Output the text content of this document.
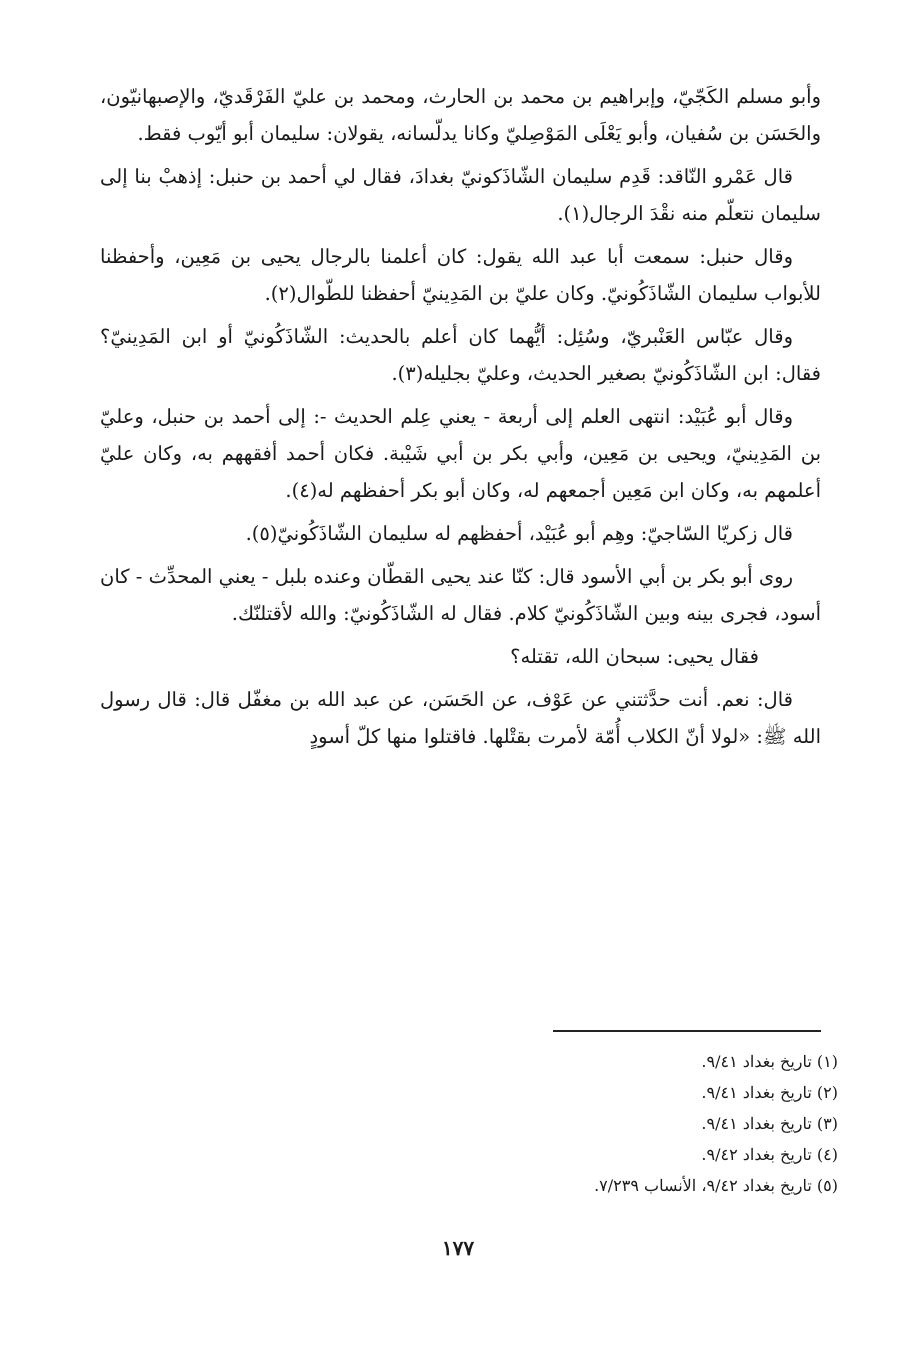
وأبو مسلم الكَجّيّ، وإبراهيم بن محمد بن الحارث، ومحمد بن عليّ الفَرْقَديّ، والإصبهانيّون، والحَسَن بن سُفيان، وأبو يَعْلَى المَوْصِليّ وكانا يدلّسانه، يقولان: سليمان أبو أيّوب فقط.

قال عَمْرو النّاقد: قَدِم سليمان الشّاذَكونيّ بغدادَ، فقال لي أحمد بن حنبل: إذهبْ بنا إلى سليمان نتعلّم منه نقْدَ الرجال(١).

وقال حنبل: سمعت أبا عبد الله يقول: كان أعلمنا بالرجال يحيى بن مَعِين، وأحفظنا للأبواب سليمان الشّاذَكُونيّ. وكان عليّ بن المَدِينيّ أحفظنا للطّوال(٢).

وقال عبّاس العَنْبريّ، وسُئِل: أيُّهما كان أعلم بالحديث: الشّاذَكُونيّ أو ابن المَدِينيّ؟ فقال: ابن الشّاذَكُونيّ بصغير الحديث، وعليّ بجليله(٣).

وقال أبو عُبَيْد: انتهى العلم إلى أربعة - يعني عِلم الحديث -: إلى أحمد بن حنبل، وعليّ بن المَدِينيّ، ويحيى بن مَعِين، وأبي بكر بن أبي شَيْبة. فكان أحمد أفقههم به، وكان عليّ أعلمهم به، وكان ابن مَعِين أجمعهم له، وكان أبو بكر أحفظهم له(٤).

قال زكريّا السّاجيّ: وهِم أبو عُبَيْد، أحفظهم له سليمان الشّاذَكُونيّ(٥).

روى أبو بكر بن أبي الأسود قال: كنّا عند يحيى القطّان وعنده بلبل - يعني المحدِّث - كان أسود، فجرى بينه وبين الشّاذَكُونيّ كلام. فقال له الشّاذَكُونيّ: والله لأقتلنّك.

فقال يحيى: سبحان الله، تقتله؟

قال: نعم. أنت حدَّثتني عن عَوْف، عن الحَسَن، عن عبد الله بن مغفّل قال: قال رسول الله ﷺ: «لولا أنّ الكلاب أُمّة لأمرت بقتْلها. فاقتلوا منها كلّ أسودٍ

(١) تاريخ بغداد ٩/٤١.

(٢) تاريخ بغداد ٩/٤١.

(٣) تاريخ بغداد ٩/٤١.

(٤) تاريخ بغداد ٩/٤٢.

(٥) تاريخ بغداد ٩/٤٢، الأنساب ٧/٢٣٩.

١٧٧
